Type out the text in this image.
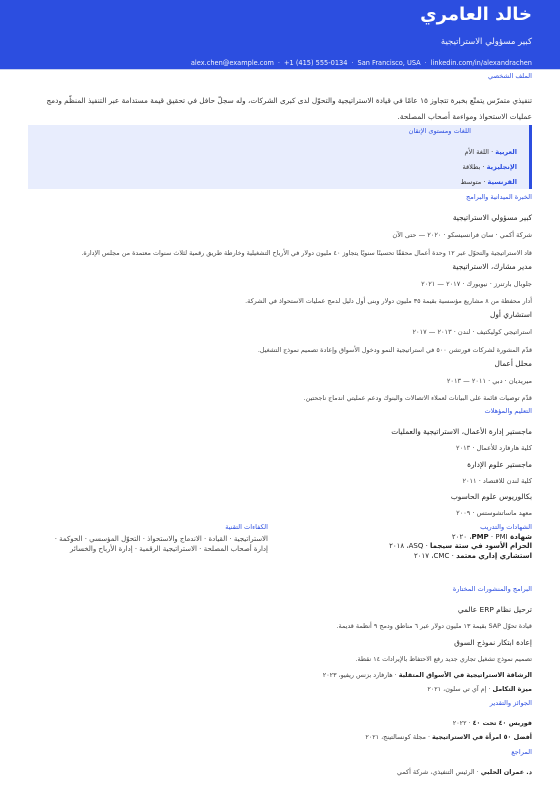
خالد العامري
كبير مسؤولي الاستراتيجية
alex.chen@example.com · +1 (415) 555-0134 · San Francisco, USA · linkedin.com/in/alexandrachen
الملف الشخصي
تنفيذي متمرّس يتمتّع بخبرة تتجاوز ١٥ عامًا في قيادة الاستراتيجية والتحوّل لدى كبرى الشركات، وله سجلّ حافل في تحقيق قيمة مستدامة عبر التنفيذ المنظّم ودمج عمليات الاستحواذ ومواءمة أصحاب المصلحة.
اللغات ومستوى الإتقان
العربية · اللغة الأم
الإنجليزية · بطلاقة
الفرنسية · متوسط
الخبرة الميدانية والبرامج
كبير مسؤولي الاستراتيجية
شركة أكمي · سان فرانسيسكو · ٢٠٢٠ — حتى الآن
قاد الاستراتيجية والتحوّل عبر ١٢ وحدة أعمال محققًا تحسينًا سنويًا يتجاوز ٤٠ مليون دولار في الأرباح التشغيلية وخارطة طريق رقمية لثلاث سنوات معتمدة من مجلس الإدارة.
مدير مشارك، الاستراتيجية
جلوبال بارتنرز · نيويورك · ٢٠١٧ — ٢٠٢١
أدار محفظة من ٨ مشاريع مؤسسية بقيمة ٣٥ مليون دولار وبنى أول دليل لدمج عمليات الاستحواذ في الشركة.
استشاري أول
استراتيجي كوليكتيف · لندن · ٢٠١٣ — ٢٠١٧
قدّم المشورة لشركات فورتشن ٥٠٠ في استراتيجية النمو ودخول الأسواق وإعادة تصميم نموذج التشغيل.
محلل أعمال
ميريديان · دبي · ٢٠١١ — ٢٠١٣
قدّم توصيات قائمة على البيانات لعملاء الاتصالات والبنوك ودعم عمليتي اندماج ناجحتين.
التعليم والمؤهلات
ماجستير إدارة الأعمال، الاستراتيجية والعمليات
كلية هارفارد للأعمال · ٢٠١٣
ماجستير علوم الإدارة
كلية لندن للاقتصاد · ٢٠١١
بكالوريوس علوم الحاسوب
معهد ماساتشوستس · ٢٠٠٩
الشهادات والتدريب
شهادة PMP · PMI، ٢٠٢٠
الحزام الأسود في ستة سيجما · ASQ، ٢٠١٨
استشاري إداري معتمد · CMC، ٢٠١٧
الكفاءات التقنية
الاستراتيجية · القيادة · الاندماج والاستحواذ · التحوّل المؤسسي · الحوكمة · إدارة أصحاب المصلحة · الاستراتيجية الرقمية · إدارة الأرباح والخسائر
البرامج والمنشورات المختارة
ترحيل نظام ERP عالمي
قيادة تحوّل SAP بقيمة ١٣ مليون دولار عبر ٦ مناطق ودمج ٩ أنظمة قديمة.
إعادة ابتكار نموذج السوق
تصميم نموذج تشغيل تجاري جديد رفع الاحتفاظ بالإيرادات ١٤ نقطة.
الرشاقة الاستراتيجية في الأسواق المتقلبة · هارفارد بزنس ريفيو، ٢٠٢٣
ميزة التكامل · إم آي تي سلون، ٢٠٢١
الجوائز والتقدير
فوربس ٤٠ تحت ٤٠ · ٢٠٢٢
أفضل ٥٠ امرأة في الاستراتيجية · مجلة كونسالتينج، ٢٠٢١
المراجع
د. عمران الحلبي · الرئيس التنفيذي، شركة أكمي
